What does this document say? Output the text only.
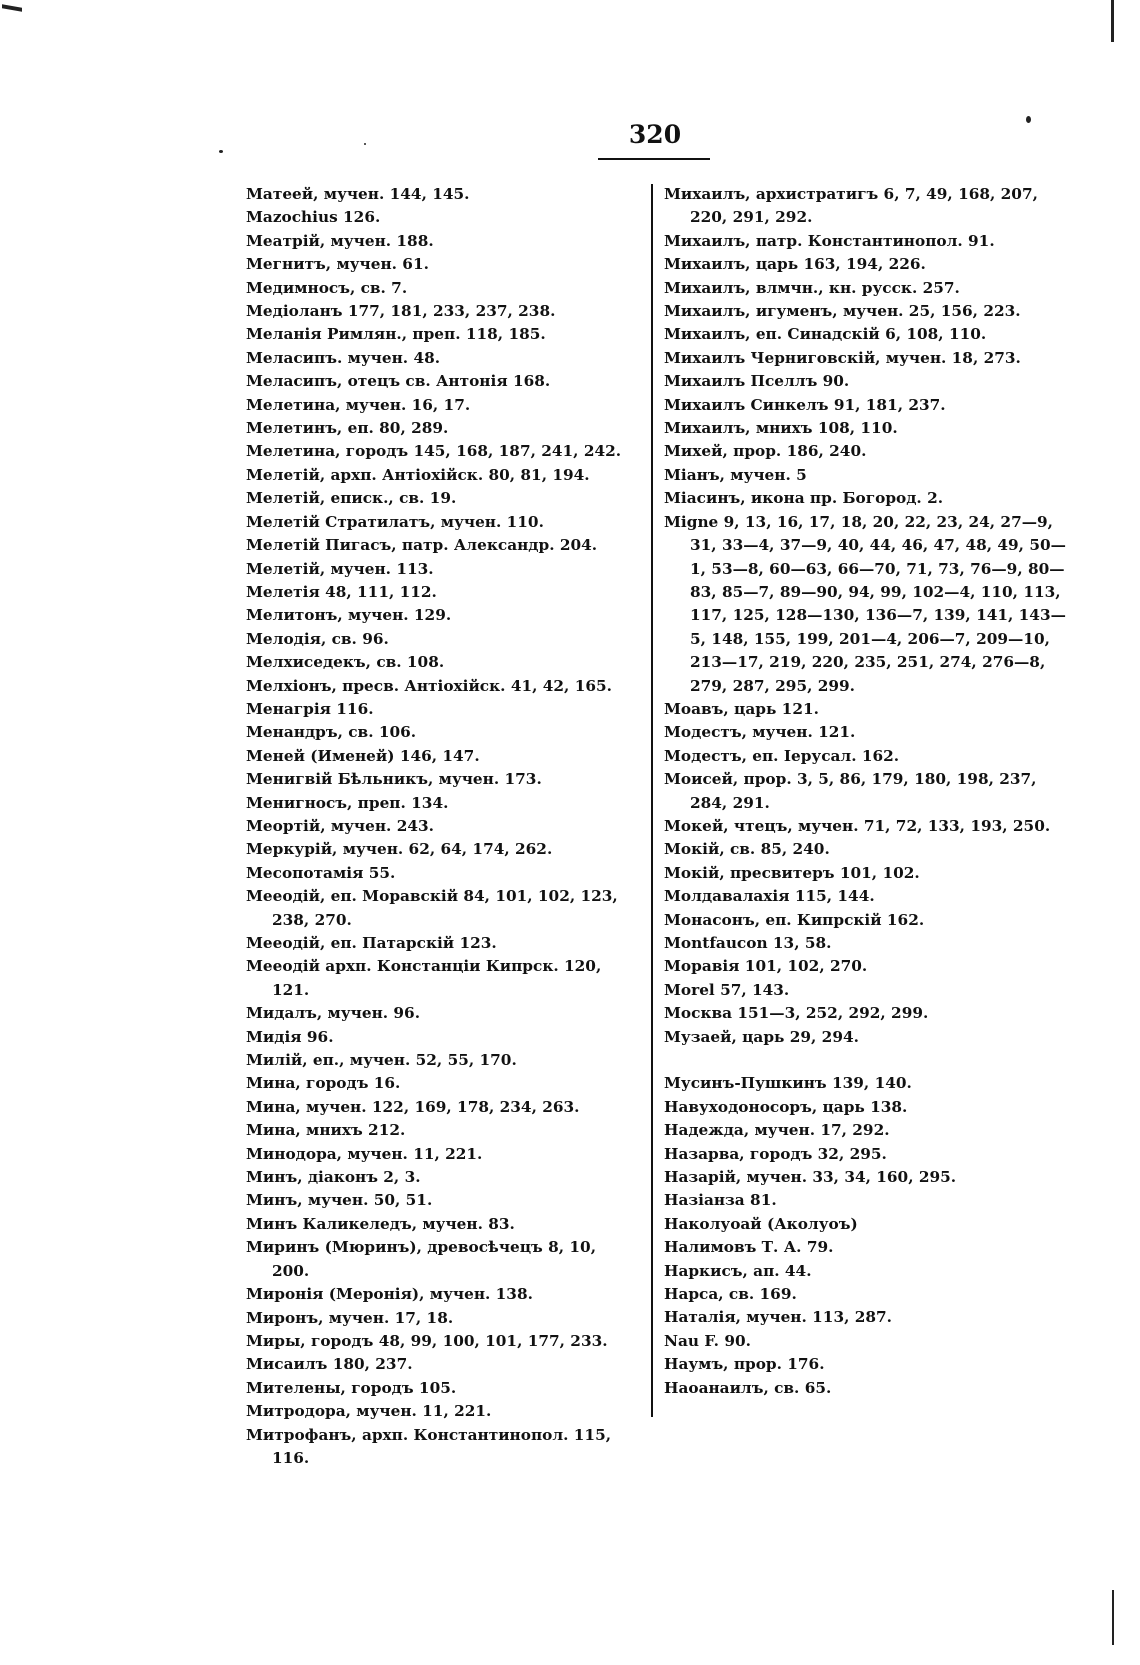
320
Матеей, мучен. 144, 145.
Mazochius 126.
Меатрій, мучен. 188.
Мегнитъ, мучен. 61.
Медимносъ, св. 7.
Медіоланъ 177, 181, 233, 237, 238.
Меланія Римлян., преп. 118, 185.
Меласипъ. мучен. 48.
Меласипъ, отецъ св. Антонія 168.
Мелетина, мучен. 16, 17.
Мелетинъ, еп. 80, 289.
Мелетина, городъ 145, 168, 187, 241, 242.
Мелетій, архп. Антіохійск. 80, 81, 194.
Мелетій, еписк., св. 19.
Мелетій Стратилатъ, мучен. 110.
Мелетій Пигасъ, патр. Александр. 204.
Мелетій, мучен. 113.
Мелетія 48, 111, 112.
Мелитонъ, мучен. 129.
Мелодія, св. 96.
Мелхиседекъ, св. 108.
Мелхіонъ, пресв. Антіохійск. 41, 42, 165.
Менагрія 116.
Менандръ, св. 106.
Меней (Именей) 146, 147.
Менигвій Бѣльникъ, мучен. 173.
Менигносъ, преп. 134.
Меортій, мучен. 243.
Меркурій, мучен. 62, 64, 174, 262.
Месопотамія 55.
Мееодій, еп. Моравскій 84, 101, 102, 123, 238, 270.
Мееодій, еп. Патарскій 123.
Мееодій архп. Констанціи Кипрск. 120, 121.
Мидалъ, мучен. 96.
Мидія 96.
Милій, еп., мучен. 52, 55, 170.
Мина, городъ 16.
Мина, мучен. 122, 169, 178, 234, 263.
Мина, мнихъ 212.
Минодора, мучен. 11, 221.
Минъ, діаконъ 2, 3.
Минъ, мучен. 50, 51.
Минъ Каликеледъ, мучен. 83.
Миринъ (Мюринъ), древосѣчецъ 8, 10, 200.
Миронія (Меронія), мучен. 138.
Миронъ, мучен. 17, 18.
Миры, городъ 48, 99, 100, 101, 177, 233.
Мисаилъ 180, 237.
Мителены, городъ 105.
Митродора, мучен. 11, 221.
Митрофанъ, архп. Константинопол. 115, 116.
Михаилъ, архистратигъ 6, 7, 49, 168, 207, 220, 291, 292.
Михаилъ, патр. Константинопол. 91.
Михаилъ, царь 163, 194, 226.
Михаилъ, влмчн., кн. русск. 257.
Михаилъ, игуменъ, мучен. 25, 156, 223.
Михаилъ, еп. Синадскій 6, 108, 110.
Михаилъ Черниговскій, мучен. 18, 273.
Михаилъ Пселлъ 90.
Михаилъ Синкелъ 91, 181, 237.
Михаилъ, мнихъ 108, 110.
Михей, прор. 186, 240.
Міанъ, мучен. 5
Міасинъ, икона пр. Богород. 2.
Migne 9, 13, 16, 17, 18, 20, 22, 23, 24, 27—9, 31, 33—4, 37—9, 40, 44, 46, 47, 48, 49, 50—1, 53—8, 60—63, 66—70, 71, 73, 76—9, 80—83, 85—7, 89—90, 94, 99, 102—4, 110, 113, 117, 125, 128—130, 136—7, 139, 141, 143—5, 148, 155, 199, 201—4, 206—7, 209—10, 213—17, 219, 220, 235, 251, 274, 276—8, 279, 287, 295, 299.
Моавъ, царь 121.
Модестъ, мучен. 121.
Модестъ, еп. Іерусал. 162.
Моисей, прор. 3, 5, 86, 179, 180, 198, 237, 284, 291.
Мокей, чтецъ, мучен. 71, 72, 133, 193, 250.
Мокій, св. 85, 240.
Мокій, пресвитеръ 101, 102.
Молдавалахія 115, 144.
Монасонъ, еп. Кипрскій 162.
Montfaucon 13, 58.
Моравія 101, 102, 270.
Morel 57, 143.
Москва 151—3, 252, 292, 299.
Музаей, царь 29, 294.
Мусинъ-Пушкинъ 139, 140.
Навуходоносоръ, царь 138.
Надежда, мучен. 17, 292.
Назарва, городъ 32, 295.
Назарій, мучен. 33, 34, 160, 295.
Назіанза 81.
Наколуоай (Аколуоъ)
Налимовъ Т. А. 79.
Наркисъ, ап. 44.
Нарса, св. 169.
Наталія, мучен. 113, 287.
Nau F. 90.
Наумъ, прор. 176.
Наоанаилъ, св. 65.
